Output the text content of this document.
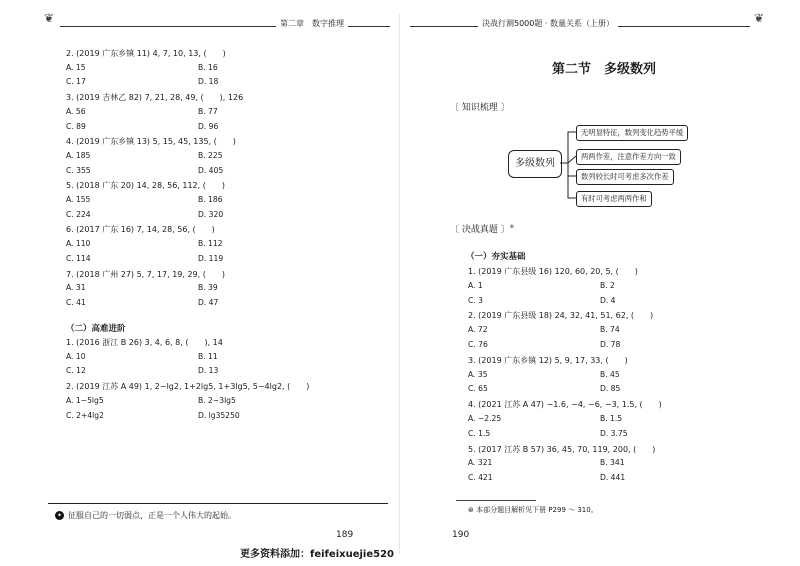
❦	第二章　数字推理
2. (2019 广东乡镇 11) 4, 7, 10, 13, (　　)
A. 15	B. 16
C. 17	D. 18
3. (2019 吉林乙 82) 7, 21, 28, 49, (　　), 126
A. 56	B. 77
C. 89	D. 96
4. (2019 广东乡镇 13) 5, 15, 45, 135, (　　)
A. 185	B. 225
C. 355	D. 405
5. (2018 广东 20) 14, 28, 56, 112, (　　)
A. 155	B. 186
C. 224	D. 320
6. (2017 广东 16) 7, 14, 28, 56, (　　)
A. 110	B. 112
C. 114	D. 119
7. (2018 广州 27) 5, 7, 17, 19, 29, (　　)
A. 31	B. 39
C. 41	D. 47
（二）高难进阶
1. (2016 浙江 B 26) 3, 4, 6, 8, (　　), 14
A. 10	B. 11
C. 12	D. 13
2. (2019 江苏 A 49) 1, 2−lg2, 1+2lg5, 1+3lg5, 5−4lg2, (　　)
A. 1−5lg5	B. 2−3lg5
C. 2+4lg2	D. lg35250
✦ 征服自己的一切弱点，正是一个人伟大的起始。
189
更多资料添加：feifeixuejie520
决战行测5000题 · 数量关系（上册）	❦
第二节　多级数列
〔 知识梳理 〕
多级数列
无明显特征，数列变化趋势平缓
两两作差，注意作差方向一致
数列较长时可考虑多次作差
有时可考虑两两作和
〔 决战真题 〕⊛
（一）夯实基础
1. (2019 广东县级 16) 120, 60, 20, 5, (　　)
A. 1	B. 2
C. 3	D. 4
2. (2019 广东县级 18) 24, 32, 41, 51, 62, (　　)
A. 72	B. 74
C. 76	D. 78
3. (2019 广东乡镇 12) 5, 9, 17, 33, (　　)
A. 35	B. 45
C. 65	D. 85
4. (2021 江苏 A 47) −1.6, −4, −6, −3, 1.5, (　　)
A. −2.25	B. 1.5
C. 1.5	D. 3.75
5. (2017 江苏 B 57) 36, 45, 70, 119, 200, (　　)
A. 321	B. 341
C. 421	D. 441
⊛ 本部分题目解析见下册 P299 ～ 310。
190
